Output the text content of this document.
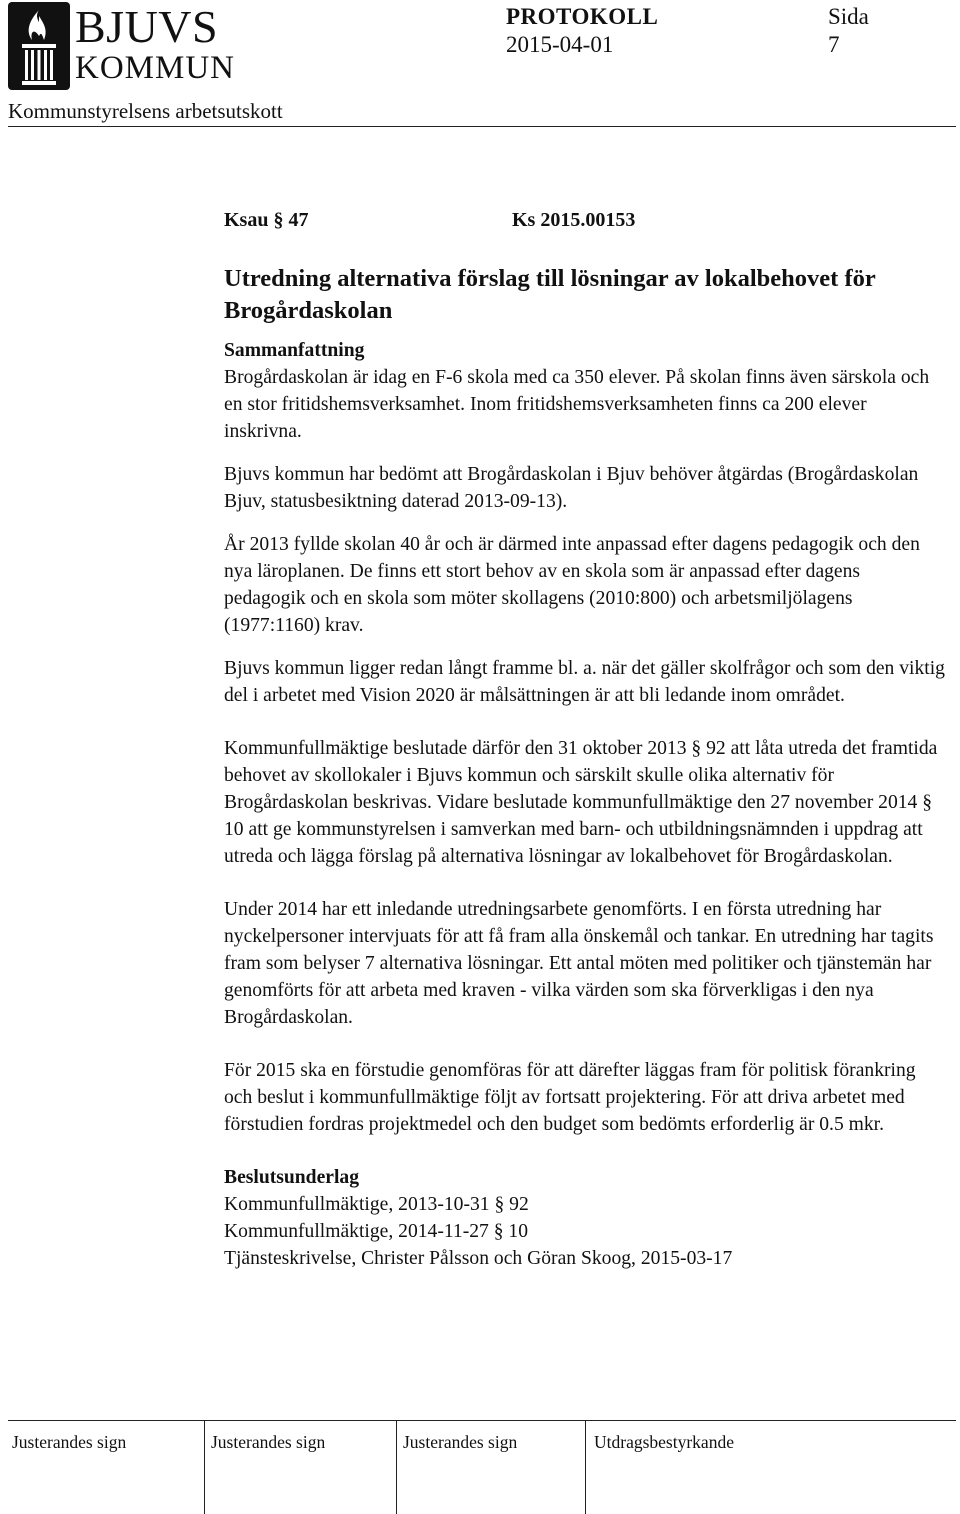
BJUVS
KOMMUN
PROTOKOLL	Sida
2015-04-01	7
Kommunstyrelsens arbetsutskott
Ksau § 47	Ks 2015.00153
Utredning alternativa förslag till lösningar av lokalbehovet för Brogårdaskolan
Sammanfattning

Brogårdaskolan är idag en F-6 skola med ca 350 elever. På skolan finns även särskola och en stor fritidshemsverksamhet. Inom fritidshemsverksamheten finns ca 200 elever inskrivna.

Bjuvs kommun har bedömt att Brogårdaskolan i Bjuv behöver åtgärdas (Brogårdaskolan Bjuv, statusbesiktning daterad 2013-09-13).

År 2013 fyllde skolan 40 år och är därmed inte anpassad efter dagens pedagogik och den nya läroplanen. De finns ett stort behov av en skola som är anpassad efter dagens pedagogik och en skola som möter skollagens (2010:800) och arbetsmiljölagens (1977:1160) krav.

Bjuvs kommun ligger redan långt framme bl. a. när det gäller skolfrågor och som den viktig del i arbetet med Vision 2020 är målsättningen är att bli ledande inom området.

Kommunfullmäktige beslutade därför den 31 oktober 2013 § 92 att låta utreda det framtida behovet av skollokaler i Bjuvs kommun och särskilt skulle olika alternativ för Brogårdaskolan beskrivas. Vidare beslutade kommunfullmäktige den 27 november 2014 § 10 att ge kommunstyrelsen i samverkan med barn- och utbildningsnämnden i uppdrag att utreda och lägga förslag på alternativa lösningar av lokalbehovet för Brogårdaskolan.

Under 2014 har ett inledande utredningsarbete genomförts. I en första utredning har nyckelpersoner intervjuats för att få fram alla önskemål och tankar. En utredning har tagits fram som belyser 7 alternativa lösningar. Ett antal möten med politiker och tjänstemän har genomförts för att arbeta med kraven - vilka värden som ska förverkligas i den nya Brogårdaskolan.

För 2015 ska en förstudie genomföras för att därefter läggas fram för politisk förankring och beslut i kommunfullmäktige följt av fortsatt projektering. För att driva arbetet med förstudien fordras projektmedel och den budget som bedömts erforderlig är 0.5 mkr.

Beslutsunderlag
Kommunfullmäktige, 2013-10-31 § 92
Kommunfullmäktige, 2014-11-27 § 10
Tjänsteskrivelse, Christer Pålsson och Göran Skoog, 2015-03-17
Justerandes sign	Justerandes sign	Justerandes sign	Utdragsbestyrkande
